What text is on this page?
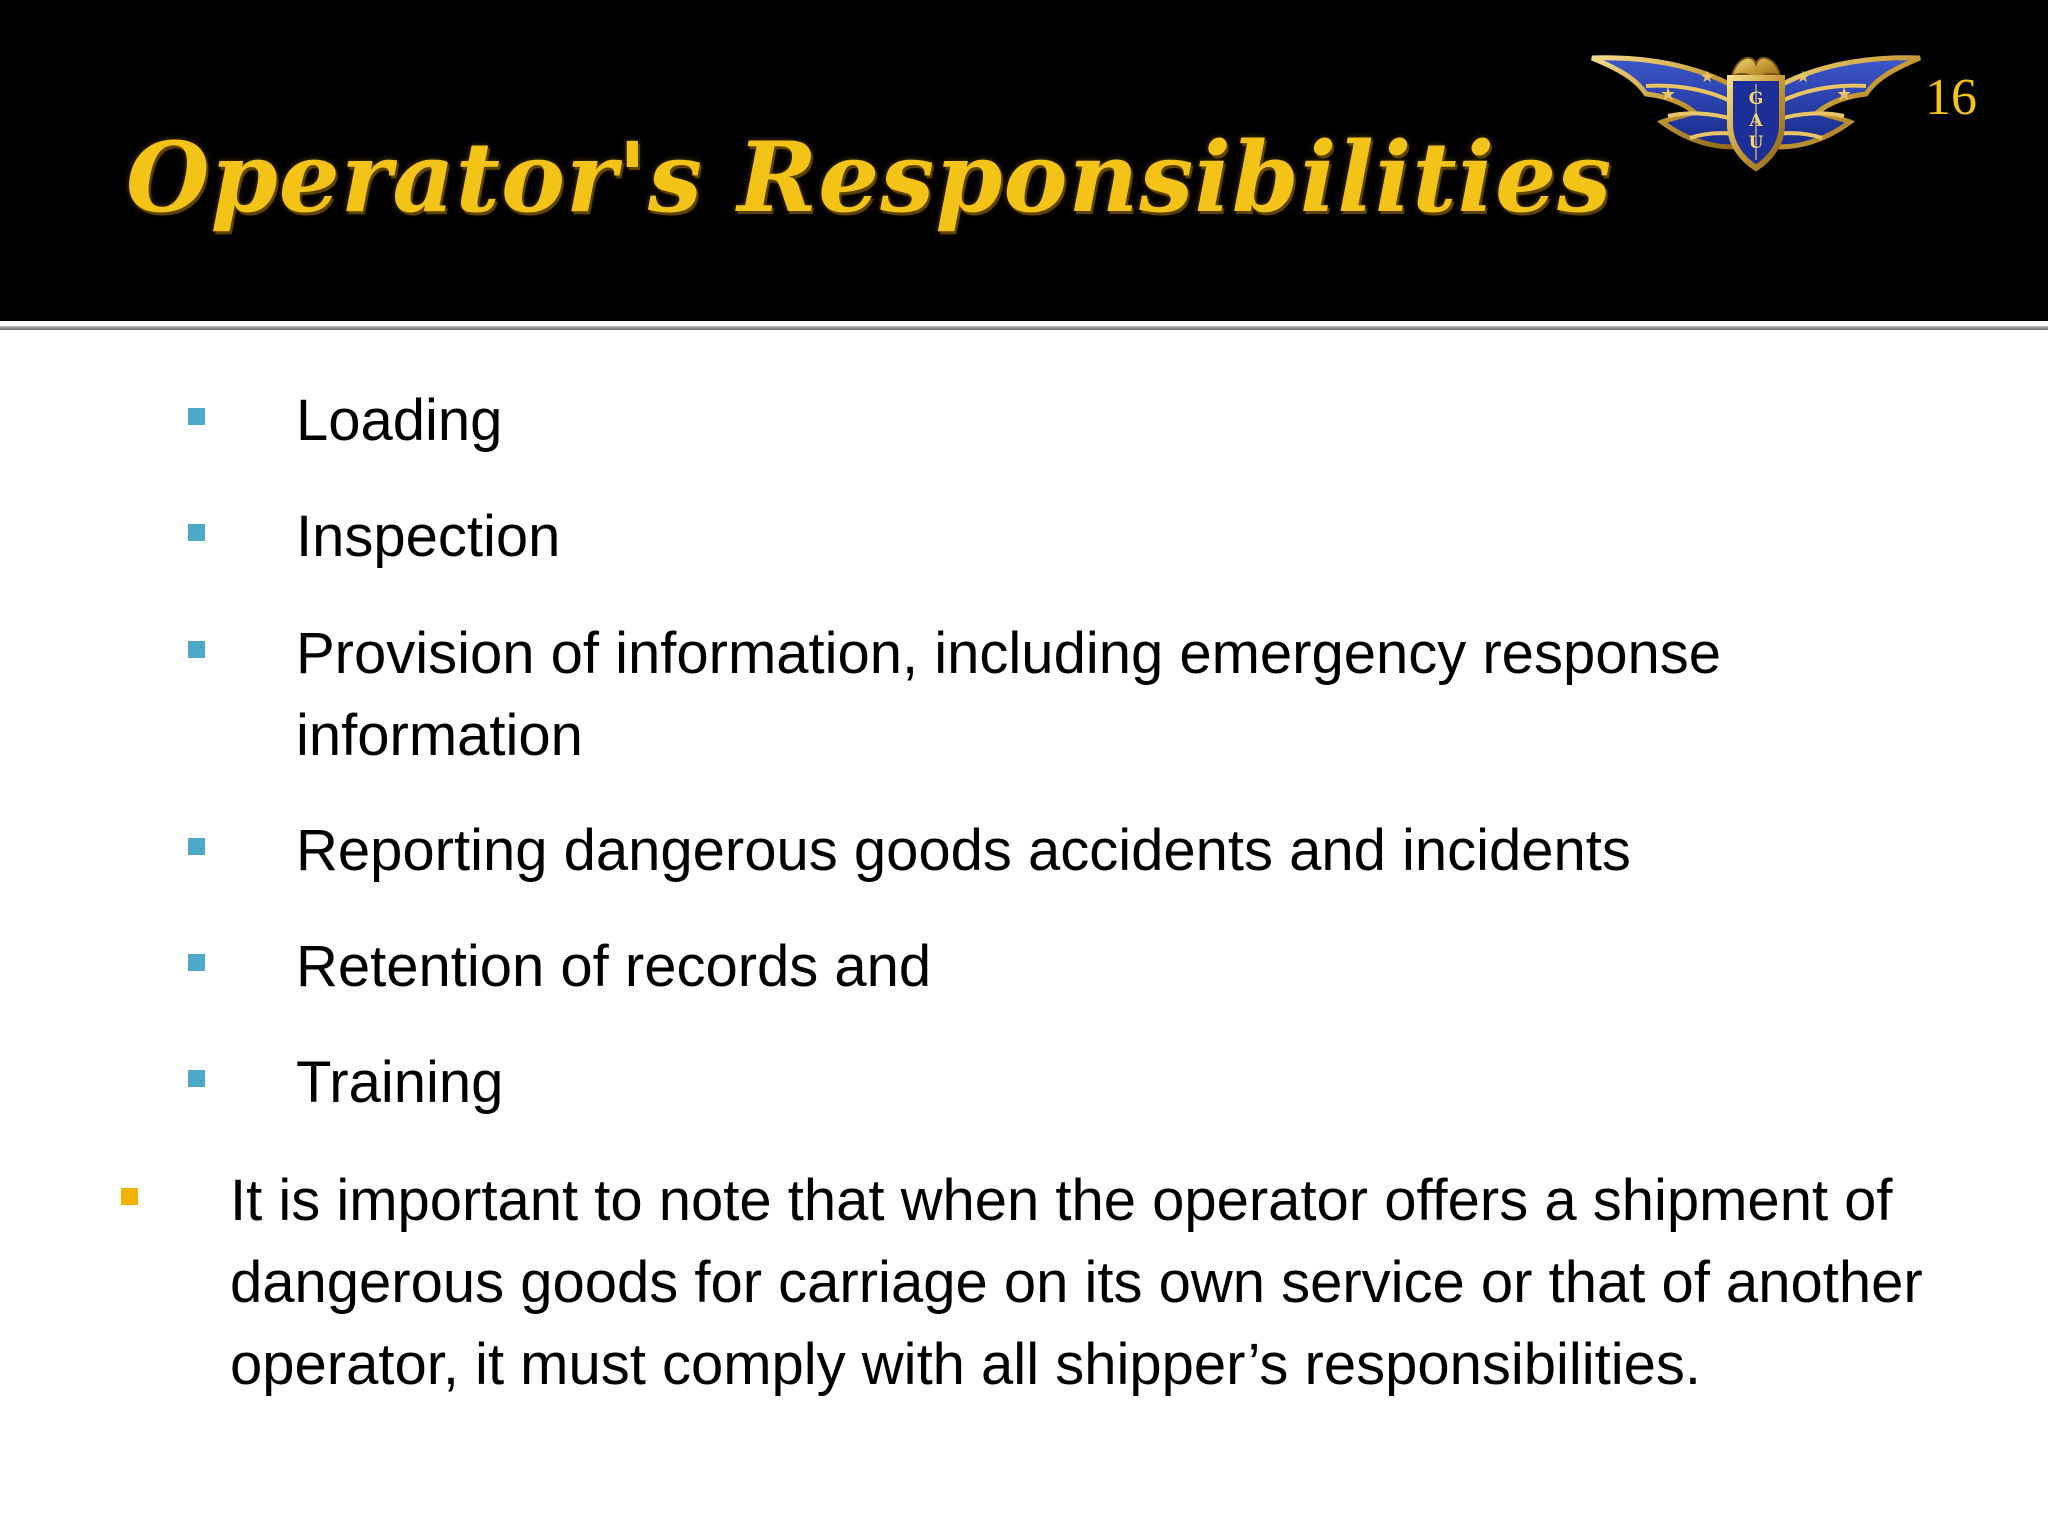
Operator's Responsibilities
★
★	★
★
G
A
U
16
Loading
Inspection
Provision of information, including emergency response information
Reporting dangerous goods accidents and incidents
Retention of records and
Training
It is important to note that when the operator offers a shipment of dangerous goods for carriage on its own service or that of another operator, it must comply with all shipper’s responsibilities.
